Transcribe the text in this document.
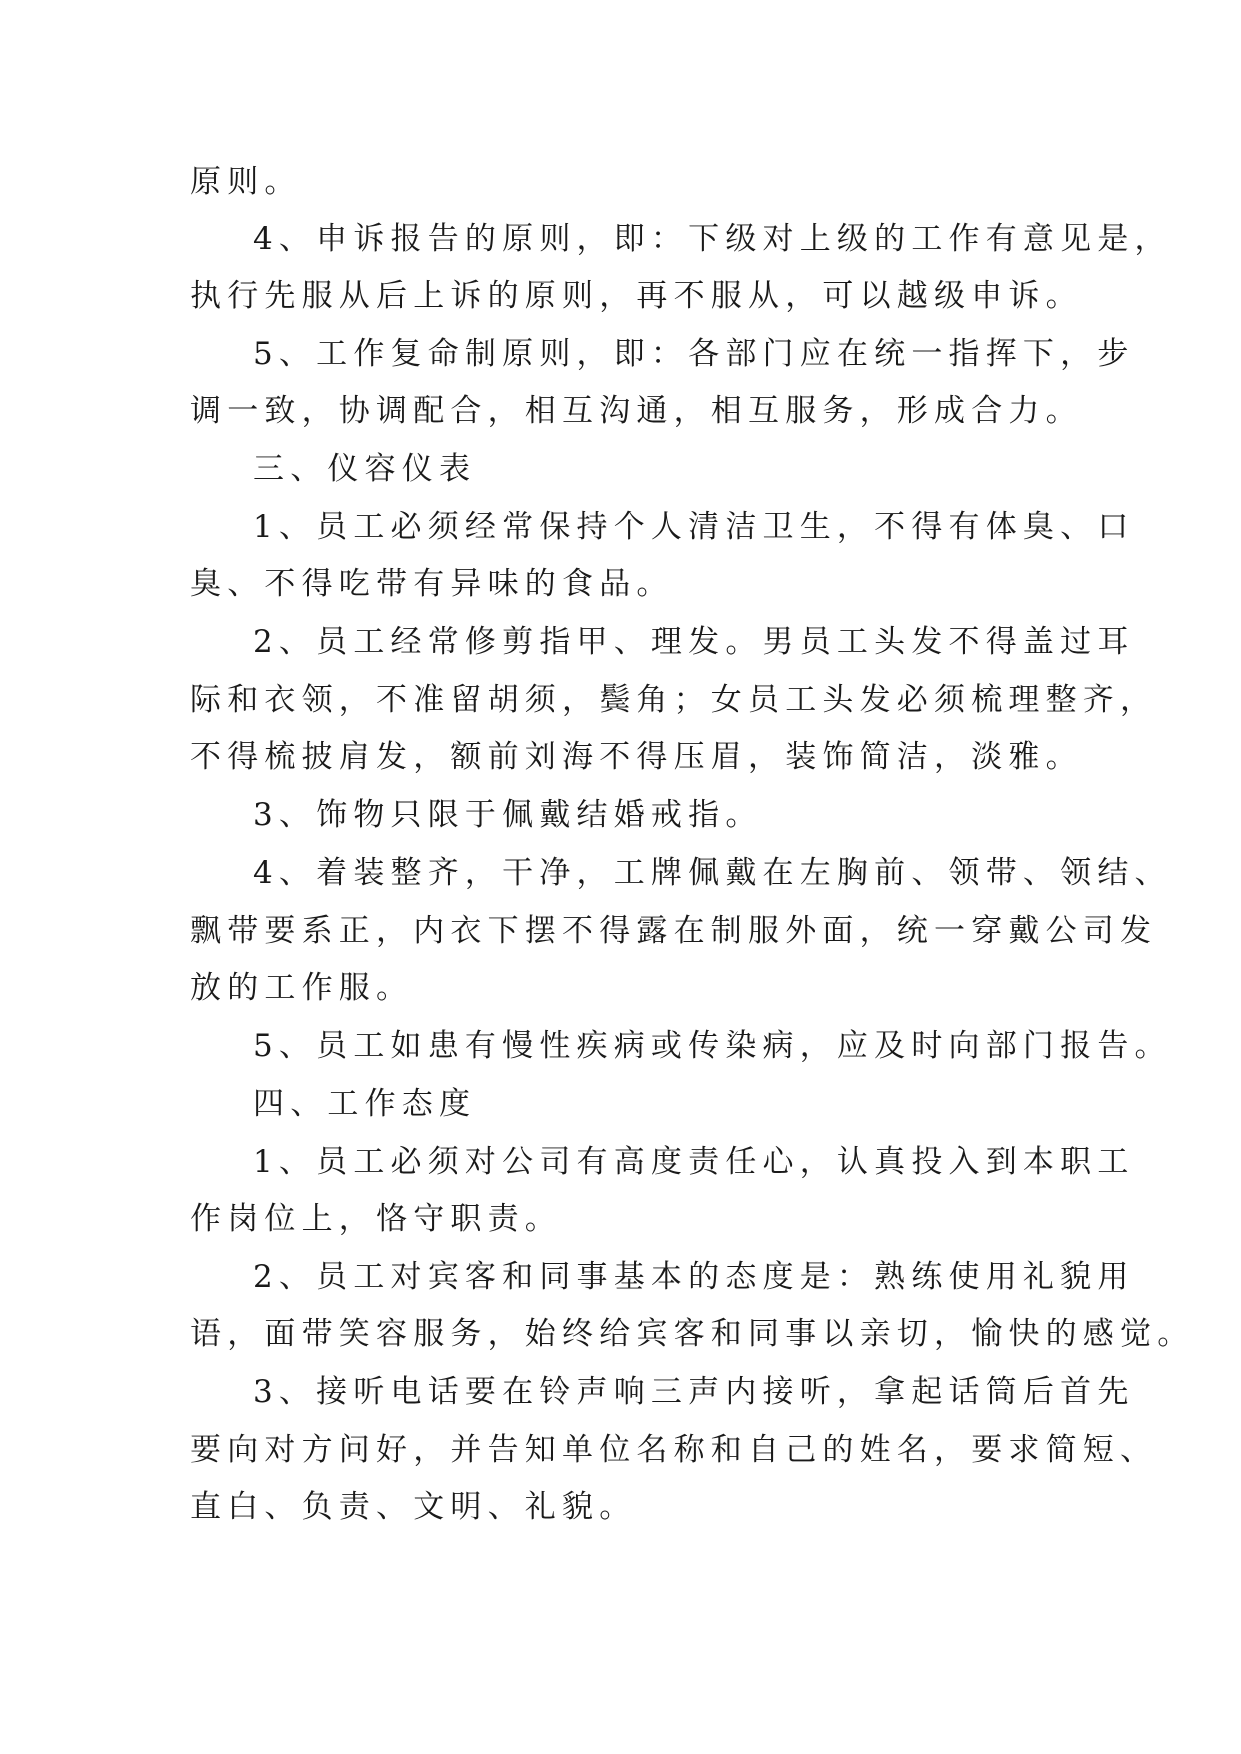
原则。
4、申诉报告的原则，即：下级对上级的工作有意见是，
执行先服从后上诉的原则，再不服从，可以越级申诉。
5、工作复命制原则，即：各部门应在统一指挥下，步
调一致，协调配合，相互沟通，相互服务，形成合力。
三、仪容仪表
1、员工必须经常保持个人清洁卫生，不得有体臭、口
臭、不得吃带有异味的食品。
2、员工经常修剪指甲、理发。男员工头发不得盖过耳
际和衣领，不准留胡须，鬓角；女员工头发必须梳理整齐，
不得梳披肩发，额前刘海不得压眉，装饰简洁，淡雅。
3、饰物只限于佩戴结婚戒指。
4、着装整齐，干净，工牌佩戴在左胸前、领带、领结、
飘带要系正，内衣下摆不得露在制服外面，统一穿戴公司发
放的工作服。
5、员工如患有慢性疾病或传染病，应及时向部门报告。
四、工作态度
1、员工必须对公司有高度责任心，认真投入到本职工
作岗位上，恪守职责。
2、员工对宾客和同事基本的态度是：熟练使用礼貌用
语，面带笑容服务，始终给宾客和同事以亲切，愉快的感觉。
3、接听电话要在铃声响三声内接听，拿起话筒后首先
要向对方问好，并告知单位名称和自己的姓名，要求简短、
直白、负责、文明、礼貌。
